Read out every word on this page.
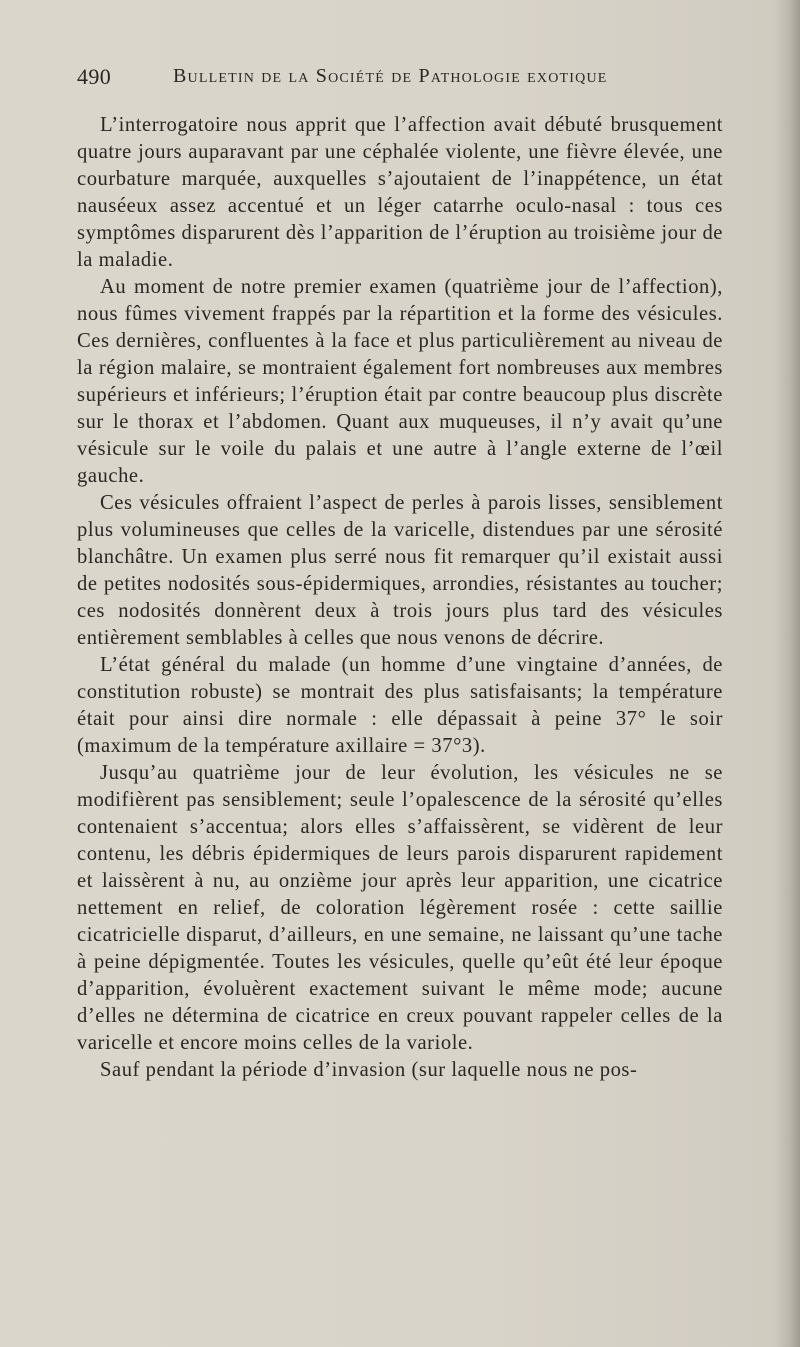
490	Bulletin de la Société de Pathologie exotique

L’interrogatoire nous apprit que l’affection avait débuté brusquement quatre jours auparavant par une céphalée violente, une fièvre élevée, une courbature marquée, auxquelles s’ajoutaient de l’inappétence, un état nauséeux assez accentué et un léger catarrhe oculo-nasal : tous ces symptômes disparurent dès l’apparition de l’éruption au troisième jour de la maladie.

Au moment de notre premier examen (quatrième jour de l’affection), nous fûmes vivement frappés par la répartition et la forme des vésicules. Ces dernières, confluentes à la face et plus particulièrement au niveau de la région malaire, se montraient également fort nombreuses aux membres supérieurs et inférieurs; l’éruption était par contre beaucoup plus discrète sur le thorax et l’abdomen. Quant aux muqueuses, il n’y avait qu’une vésicule sur le voile du palais et une autre à l’angle externe de l’œil gauche.

Ces vésicules offraient l’aspect de perles à parois lisses, sensiblement plus volumineuses que celles de la varicelle, distendues par une sérosité blanchâtre. Un examen plus serré nous fit remarquer qu’il existait aussi de petites nodosités sous-épidermiques, arrondies, résistantes au toucher; ces nodosités donnèrent deux à trois jours plus tard des vésicules entièrement semblables à celles que nous venons de décrire.

L’état général du malade (un homme d’une vingtaine d’années, de constitution robuste) se montrait des plus satisfaisants; la température était pour ainsi dire normale : elle dépassait à peine 37° le soir (maximum de la température axillaire = 37°3).

Jusqu’au quatrième jour de leur évolution, les vésicules ne se modifièrent pas sensiblement; seule l’opalescence de la sérosité qu’elles contenaient s’accentua; alors elles s’affaissèrent, se vidèrent de leur contenu, les débris épidermiques de leurs parois disparurent rapidement et laissèrent à nu, au onzième jour après leur apparition, une cicatrice nettement en relief, de coloration légèrement rosée : cette saillie cicatricielle disparut, d’ailleurs, en une semaine, ne laissant qu’une tache à peine dépigmentée. Toutes les vésicules, quelle qu’eût été leur époque d’apparition, évoluèrent exactement suivant le même mode; aucune d’elles ne détermina de cicatrice en creux pouvant rappeler celles de la varicelle et encore moins celles de la variole.

Sauf pendant la période d’invasion (sur laquelle nous ne pos-
